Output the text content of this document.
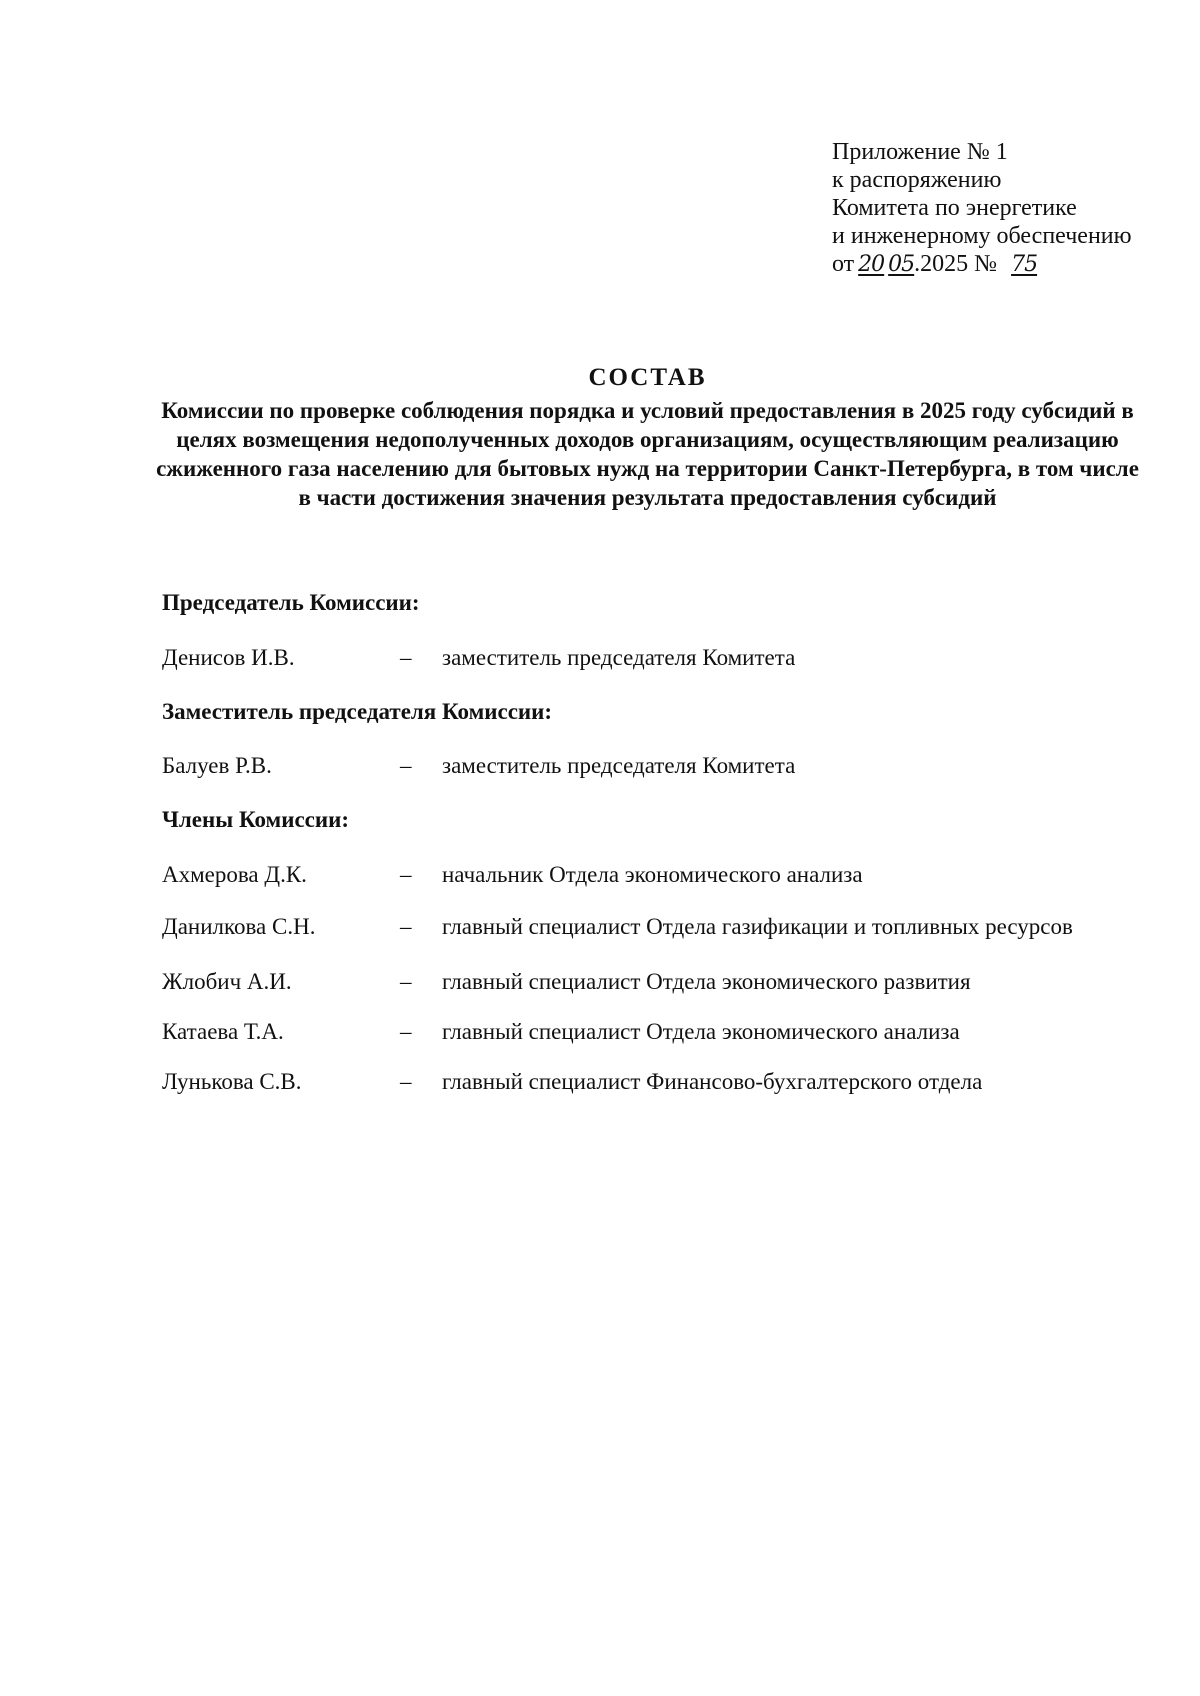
Приложение № 1
к распоряжению
Комитета по энергетике
и инженерному обеспечению
от 20 05.2025 № 75
СОСТАВ
Комиссии по проверке соблюдения порядка и условий предоставления в 2025 году субсидий в целях возмещения недополученных доходов организациям, осуществляющим реализацию сжиженного газа населению для бытовых нужд на территории Санкт-Петербурга, в том числе в части достижения значения результата предоставления субсидий
Председатель Комиссии:
Денисов И.В.	– заместитель председателя Комитета
Заместитель председателя Комиссии:
Балуев Р.В.	– заместитель председателя Комитета
Члены Комиссии:
Ахмерова Д.К.	– начальник Отдела экономического анализа
Данилкова С.Н.	– главный специалист Отдела газификации и топливных ресурсов
Жлобич А.И.	– главный специалист Отдела экономического развития
Катаева Т.А.	– главный специалист Отдела экономического анализа
Лунькова С.В.	– главный специалист Финансово-бухгалтерского отдела
